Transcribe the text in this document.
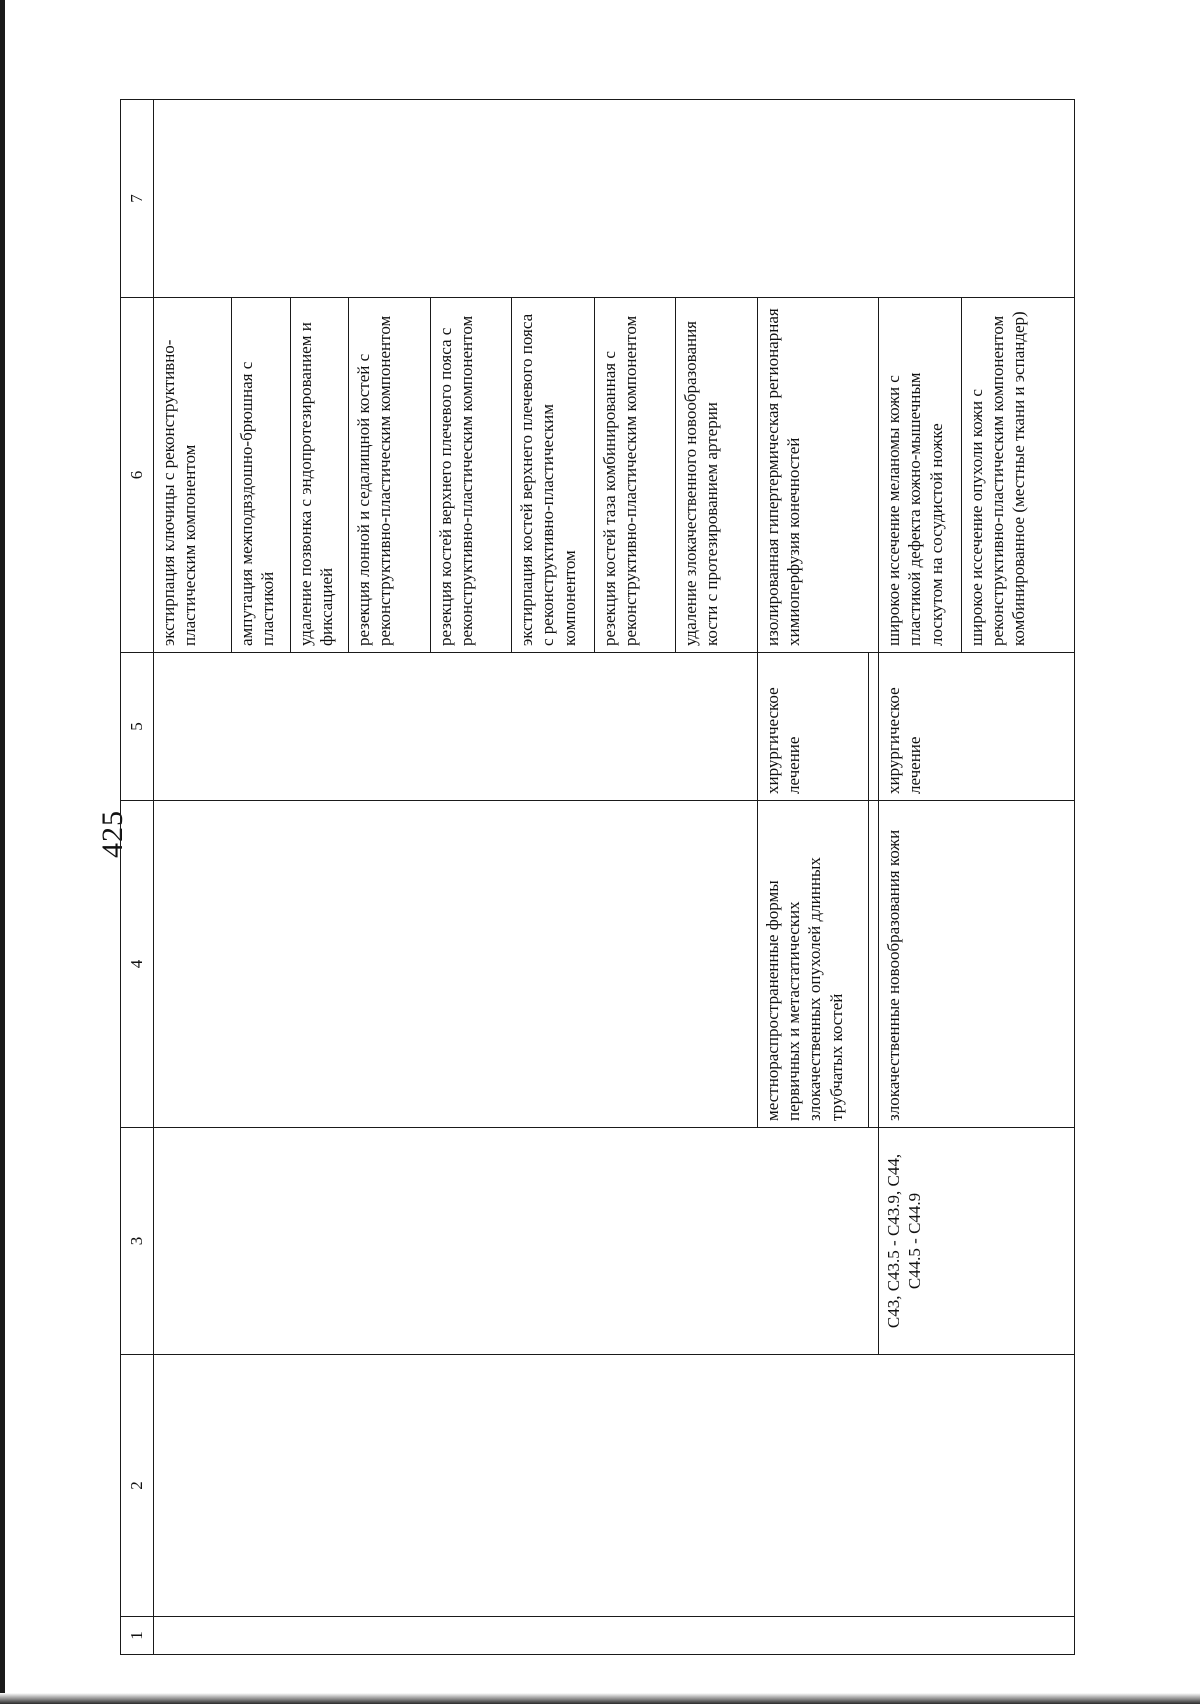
425
1	2	3	4	5	6	7
					экстирпация ключицы с реконструктивно-пластическим компонентом	
					ампутация межподвздошно-брюшная с пластикой	
					удаление позвонка с эндопротезированием и фиксацией	
					резекция лонной и седалищной костей с реконструктивно-пластическим компонентом	
					резекция костей верхнего плечевого пояса с реконструктивно-пластическим компонентом	
					экстирпация костей верхнего плечевого пояса с реконструктивно-пластическим компонентом	
					резекция костей таза комбинированная с реконструктивно-пластическим компонентом	
					удаление злокачественного новообразования кости с протезированием артерии	
			местнораспространенные формы первичных и метастатических злокачественных опухолей длинных трубчатых костей	хирургическое лечение	изолированная гипертермическая регионарная химиоперфузия конечностей	

		C43, C43.5 - C43.9, C44, C44.5 - C44.9	злокачественные новообразования кожи	хирургическое лечение	широкое иссечение меланомы кожи с пластикой дефекта кожно-мышечным лоскутом на сосудистой ножке	
					широкое иссечение опухоли кожи с реконструктивно-пластическим компонентом комбинированное (местные ткани и эспандер)	
